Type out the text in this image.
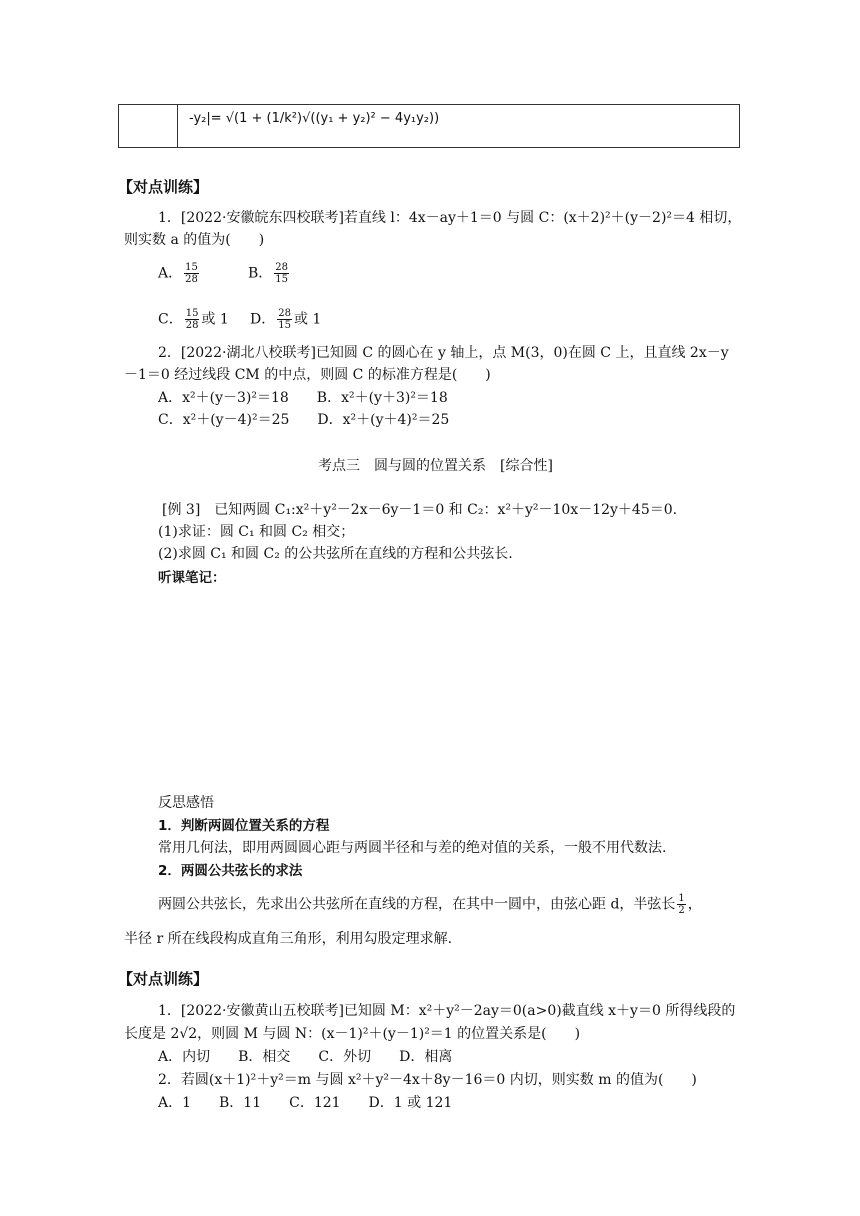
-y₂|= √(1 + (1/k²)√((y₁ + y₂)² − 4y₁y₂))
【对点训练】
1．[2022·安徽皖东四校联考]若直线 l：4x－ay＋1＝0 与圆 C：(x＋2)²＋(y－2)²＝4 相切，
则实数 a 的值为(　　)
A． $\frac{15}{28}$	B． $\frac{28}{15}$
C． $\frac{15}{28}$ 或 1 D． $\frac{28}{15}$ 或 1
2．[2022·湖北八校联考]已知圆 C 的圆心在 y 轴上，点 M(3，0)在圆 C 上，且直线 2x－y
－1＝0 经过线段 CM 的中点，则圆 C 的标准方程是(　　)
A．x²＋(y－3)²＝18　　B．x²＋(y＋3)²＝18
C．x²＋(y－4)²＝25　　D．x²＋(y＋4)²＝25
考点三　圆与圆的位置关系　[综合性]
[例 3]　已知两圆 C₁:x²＋y²－2x－6y－1＝0 和 C₂：x²＋y²－10x－12y＋45＝0.
(1)求证：圆 C₁ 和圆 C₂ 相交；
(2)求圆 C₁ 和圆 C₂ 的公共弦所在直线的方程和公共弦长.
听课笔记：
反思感悟
1．判断两圆位置关系的方程
常用几何法，即用两圆圆心距与两圆半径和与差的绝对值的关系，一般不用代数法.
2．两圆公共弦长的求法
两圆公共弦长，先求出公共弦所在直线的方程，在其中一圆中，由弦心距 d，半弦长 $\frac{1}{2}$ ，
半径 r 所在线段构成直角三角形，利用勾股定理求解.
【对点训练】
1．[2022·安徽黄山五校联考]已知圆 M：x²＋y²－2ay＝0(a>0)截直线 x＋y＝0 所得线段的
长度是 2√2，则圆 M 与圆 N：(x－1)²＋(y－1)²＝1 的位置关系是(　　)
A．内切　　B．相交　　C．外切　　D．相离
2．若圆(x＋1)²＋y²＝m 与圆 x²＋y²－4x＋8y－16＝0 内切，则实数 m 的值为(　　)
A．1　　B．11　　C．121　　D．1 或 121
